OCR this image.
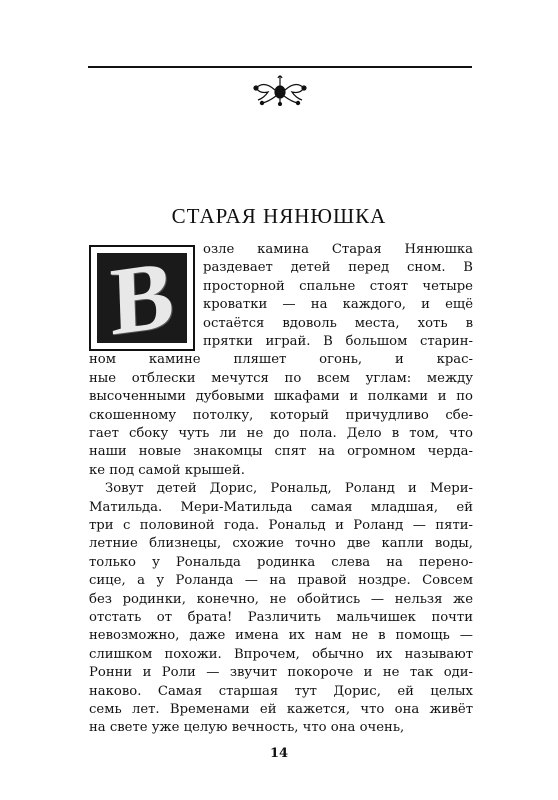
СТАРАЯ НЯНЮШКА
В озле камина Старая Нянюшка
раздевает детей перед сном. В
просторной спальне стоят четыре
кроватки — на каждого, и ещё
остаётся вдоволь места, хоть в
прятки играй. В большом старин-
ном камине пляшет огонь, и крас-
ные отблески мечутся по всем углам: между
высоченными дубовыми шкафами и полками и по
скошенному потолку, который причудливо сбе-
гает сбоку чуть ли не до пола. Дело в том, что
наши новые знакомцы спят на огромном черда-
ке под самой крышей.
Зовут детей Дорис, Рональд, Роланд и Мери-
Матильда. Мери-Матильда самая младшая, ей
три с половиной года. Рональд и Роланд — пяти-
летние близнецы, схожие точно две капли воды,
только у Рональда родинка слева на перено-
сице, а у Роланда — на правой ноздре. Совсем
без родинки, конечно, не обойтись — нельзя же
отстать от брата! Различить мальчишек почти
невозможно, даже имена их нам не в помощь —
слишком похожи. Впрочем, обычно их называют
Ронни и Роли — звучит покороче и не так оди-
наково. Самая старшая тут Дорис, ей целых
семь лет. Временами ей кажется, что она живёт
на свете уже целую вечность, что она очень,
14
